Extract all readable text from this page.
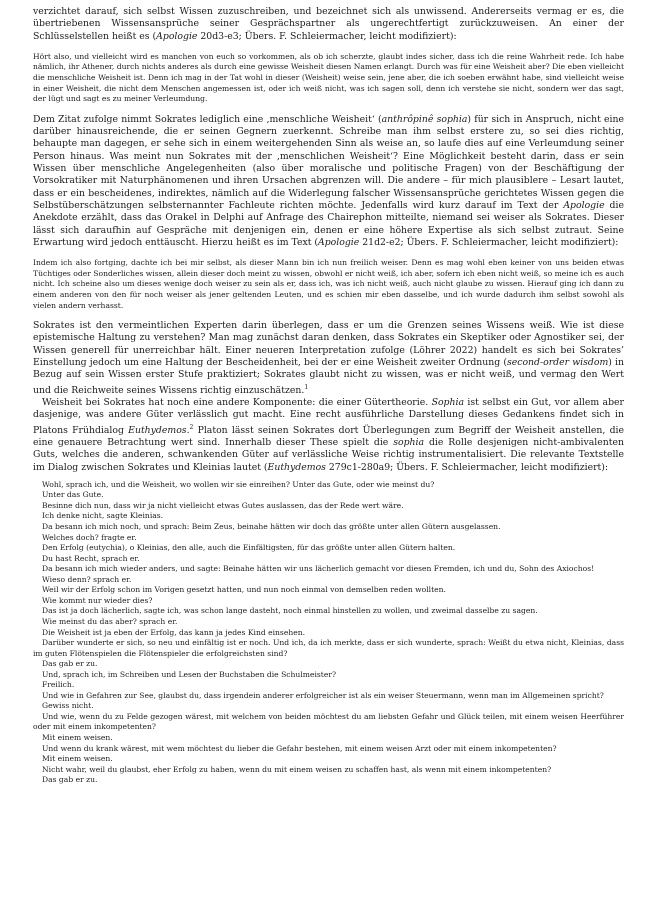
verzichtet darauf, sich selbst Wissen zuzuschreiben, und bezeichnet sich als unwissend. Andererseits vermag er es, die übertriebenen Wissensansprüche seiner Gesprächspartner als ungerechtfertigt zurückzuweisen. An einer der Schlüsselstellen heißt es (Apologie 20d3-e3; Übers. F. Schleiermacher, leicht modifiziert):

Hört also, und vielleicht wird es manchen von euch so vorkommen, als ob ich scherzte, glaubt indes sicher, dass ich die reine Wahrheit rede. Ich habe nämlich, ihr Athener, durch nichts anderes als durch eine gewisse Weisheit diesen Namen erlangt. Durch was für eine Weisheit aber? Die eben vielleicht die menschliche Weisheit ist. Denn ich mag in der Tat wohl in dieser (Weisheit) weise sein, jene aber, die ich soeben erwähnt habe, sind vielleicht weise in einer Weisheit, die nicht dem Menschen angemessen ist, oder ich weiß nicht, was ich sagen soll, denn ich verstehe sie nicht, sondern wer das sagt, der lügt und sagt es zu meiner Verleumdung.

Dem Zitat zufolge nimmt Sokrates lediglich eine ‚menschliche Weisheit‘ (anthrôpinê sophia) für sich in Anspruch, nicht eine darüber hinausreichende, die er seinen Gegnern zuerkennt. Schreibe man ihm selbst erstere zu, so sei dies richtig, behaupte man dagegen, er sehe sich in einem weitergehenden Sinn als weise an, so laufe dies auf eine Verleumdung seiner Person hinaus. Was meint nun Sokrates mit der ‚menschlichen Weisheit‘? Eine Möglichkeit besteht darin, dass er sein Wissen über menschliche Angelegenheiten (also über moralische und politische Fragen) von der Beschäftigung der Vorsokratiker mit Naturphänomenen und ihren Ursachen abgrenzen will. Die andere – für mich plausiblere – Lesart lautet, dass er ein bescheidenes, indirektes, nämlich auf die Widerlegung falscher Wissensansprüche gerichtetes Wissen gegen die Selbstüberschätzungen selbsternannter Fachleute richten möchte. Jedenfalls wird kurz darauf im Text der Apologie die Anekdote erzählt, dass das Orakel in Delphi auf Anfrage des Chairephon mitteilte, niemand sei weiser als Sokrates. Dieser lässt sich daraufhin auf Gespräche mit denjenigen ein, denen er eine höhere Expertise als sich selbst zutraut. Seine Erwartung wird jedoch enttäuscht. Hierzu heißt es im Text (Apologie 21d2-e2; Übers. F. Schleiermacher, leicht modifiziert):

Indem ich also fortging, dachte ich bei mir selbst, als dieser Mann bin ich nun freilich weiser. Denn es mag wohl eben keiner von uns beiden etwas Tüchtiges oder Sonderliches wissen, allein dieser doch meint zu wissen, obwohl er nicht weiß, ich aber, sofern ich eben nicht weiß, so meine ich es auch nicht. Ich scheine also um dieses wenige doch weiser zu sein als er, dass ich, was ich nicht weiß, auch nicht glaube zu wissen. Hierauf ging ich dann zu einem anderen von den für noch weiser als jener geltenden Leuten, und es schien mir eben dasselbe, und ich wurde dadurch ihm selbst sowohl als vielen andern verhasst.

Sokrates ist den vermeintlichen Experten darin überlegen, dass er um die Grenzen seines Wissens weiß. Wie ist diese epistemische Haltung zu verstehen? Man mag zunächst daran denken, dass Sokrates ein Skeptiker oder Agnostiker sei, der Wissen generell für unerreichbar hält. Einer neueren Interpretation zufolge (Löhrer 2022) handelt es sich bei Sokrates’ Einstellung jedoch um eine Haltung der Bescheidenheit, bei der er eine Weisheit zweiter Ordnung (second-order wisdom) in Bezug auf sein Wissen erster Stufe praktiziert; Sokrates glaubt nicht zu wissen, was er nicht weiß, und vermag den Wert und die Reichweite seines Wissens richtig einzuschätzen.$^1$

Weisheit bei Sokrates hat noch eine andere Komponente: die einer Gütertheorie. Sophia ist selbst ein Gut, vor allem aber dasjenige, was andere Güter verlässlich gut macht. Eine recht ausführliche Darstellung dieses Gedankens findet sich in Platons Frühdialog Euthydemos.$^2$ Platon lässt seinen Sokrates dort Überlegungen zum Begriff der Weisheit anstellen, die eine genauere Betrachtung wert sind. Innerhalb dieser These spielt die sophia die Rolle desjenigen nicht-ambivalenten Guts, welches die anderen, schwankenden Güter auf verlässliche Weise richtig instrumentalisiert. Die relevante Textstelle im Dialog zwischen Sokrates und Kleinias lautet (Euthydemos 279c1-280a9; Übers. F. Schleiermacher, leicht modifiziert):

Wohl, sprach ich, und die Weisheit, wo wollen wir sie einreihen? Unter das Gute, oder wie meinst du?
Unter das Gute.
Besinne dich nun, dass wir ja nicht vielleicht etwas Gutes auslassen, das der Rede wert wäre.
Ich denke nicht, sagte Kleinias.
Da besann ich mich noch, und sprach: Beim Zeus, beinahe hätten wir doch das größte unter allen Gütern ausgelassen.
Welches doch? fragte er.
Den Erfolg (eutychia), o Kleinias, den alle, auch die Einfältigsten, für das größte unter allen Gütern halten.
Du hast Recht, sprach er.
Da besann ich mich wieder anders, und sagte: Beinahe hätten wir uns lächerlich gemacht vor diesen Fremden, ich und du, Sohn des Axiochos!
Wieso denn? sprach er.
Weil wir der Erfolg schon im Vorigen gesetzt hatten, und nun noch einmal von demselben reden wollten.
Wie kommt nur wieder dies?
Das ist ja doch lächerlich, sagte ich, was schon lange dasteht, noch einmal hinstellen zu wollen, und zweimal dasselbe zu sagen.
Wie meinst du das aber? sprach er.
Die Weisheit ist ja eben der Erfolg, das kann ja jedes Kind einsehen.
Darüber wunderte er sich, so neu und einfältig ist er noch. Und ich, da ich merkte, dass er sich wunderte, sprach: Weißt du etwa nicht, Kleinias, dass im guten Flötenspielen die Flötenspieler die erfolgreichsten sind?
Das gab er zu.
Und, sprach ich, im Schreiben und Lesen der Buchstaben die Schulmeister?
Freilich.
Und wie in Gefahren zur See, glaubst du, dass irgendein anderer erfolgreicher ist als ein weiser Steuermann, wenn man im Allgemeinen spricht?
Gewiss nicht.
Und wie, wenn du zu Felde gezogen wärest, mit welchem von beiden möchtest du am liebsten Gefahr und Glück teilen, mit einem weisen Heerführer oder mit einem inkompetenten?
Mit einem weisen.
Und wenn du krank wärest, mit wem möchtest du lieber die Gefahr bestehen, mit einem weisen Arzt oder mit einem inkompetenten?
Mit einem weisen.
Nicht wahr, weil du glaubst, eher Erfolg zu haben, wenn du mit einem weisen zu schaffen hast, als wenn mit einem inkompetenten?
Das gab er zu.
